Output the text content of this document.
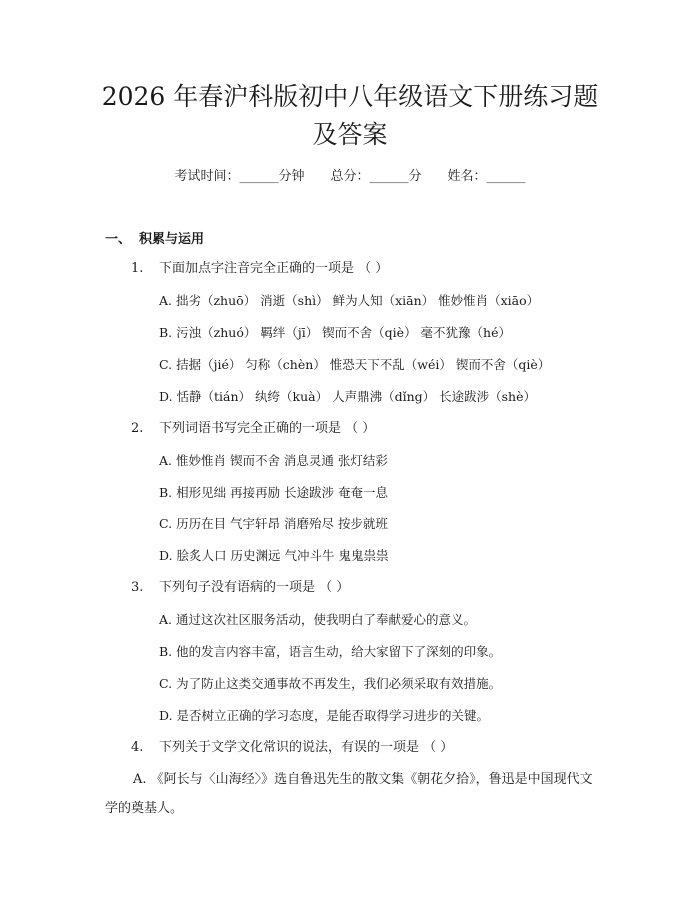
2026 年春沪科版初中八年级语文下册练习题
及答案
考试时间：______分钟 总分：______分 姓名：______
一、 积累与运用
1. 下面加点字注音完全正确的一项是 （ ）
A. 拙劣（zhuō） 消逝（shì） 鲜为人知（xiān） 惟妙惟肖（xiāo）
B. 污浊（zhuó） 羁绊（jī） 锲而不舍（qiè） 毫不犹豫（hé）
C. 拮据（jié） 匀称（chèn） 惟恐天下不乱（wéi） 锲而不舍（qiè）
D. 恬静（tián） 纨绔（kuà） 人声鼎沸（dǐng） 长途跋涉（shè）
2. 下列词语书写完全正确的一项是 （ ）
A. 惟妙惟肖 锲而不舍 消息灵通 张灯结彩
B. 相形见绌 再接再励 长途跋涉 奄奄一息
C. 历历在目 气宇轩昂 消磨殆尽 按步就班
D. 脍炙人口 历史渊远 气冲斗牛 鬼鬼祟祟
3. 下列句子没有语病的一项是 （ ）
A. 通过这次社区服务活动，使我明白了奉献爱心的意义。
B. 他的发言内容丰富，语言生动，给大家留下了深刻的印象。
C. 为了防止这类交通事故不再发生，我们必须采取有效措施。
D. 是否树立正确的学习态度，是能否取得学习进步的关键。
4. 下列关于文学文化常识的说法，有误的一项是 （ ）
A. 《阿长与〈山海经〉》选自鲁迅先生的散文集《朝花夕拾》，鲁迅是中国现代文学的奠基人。
